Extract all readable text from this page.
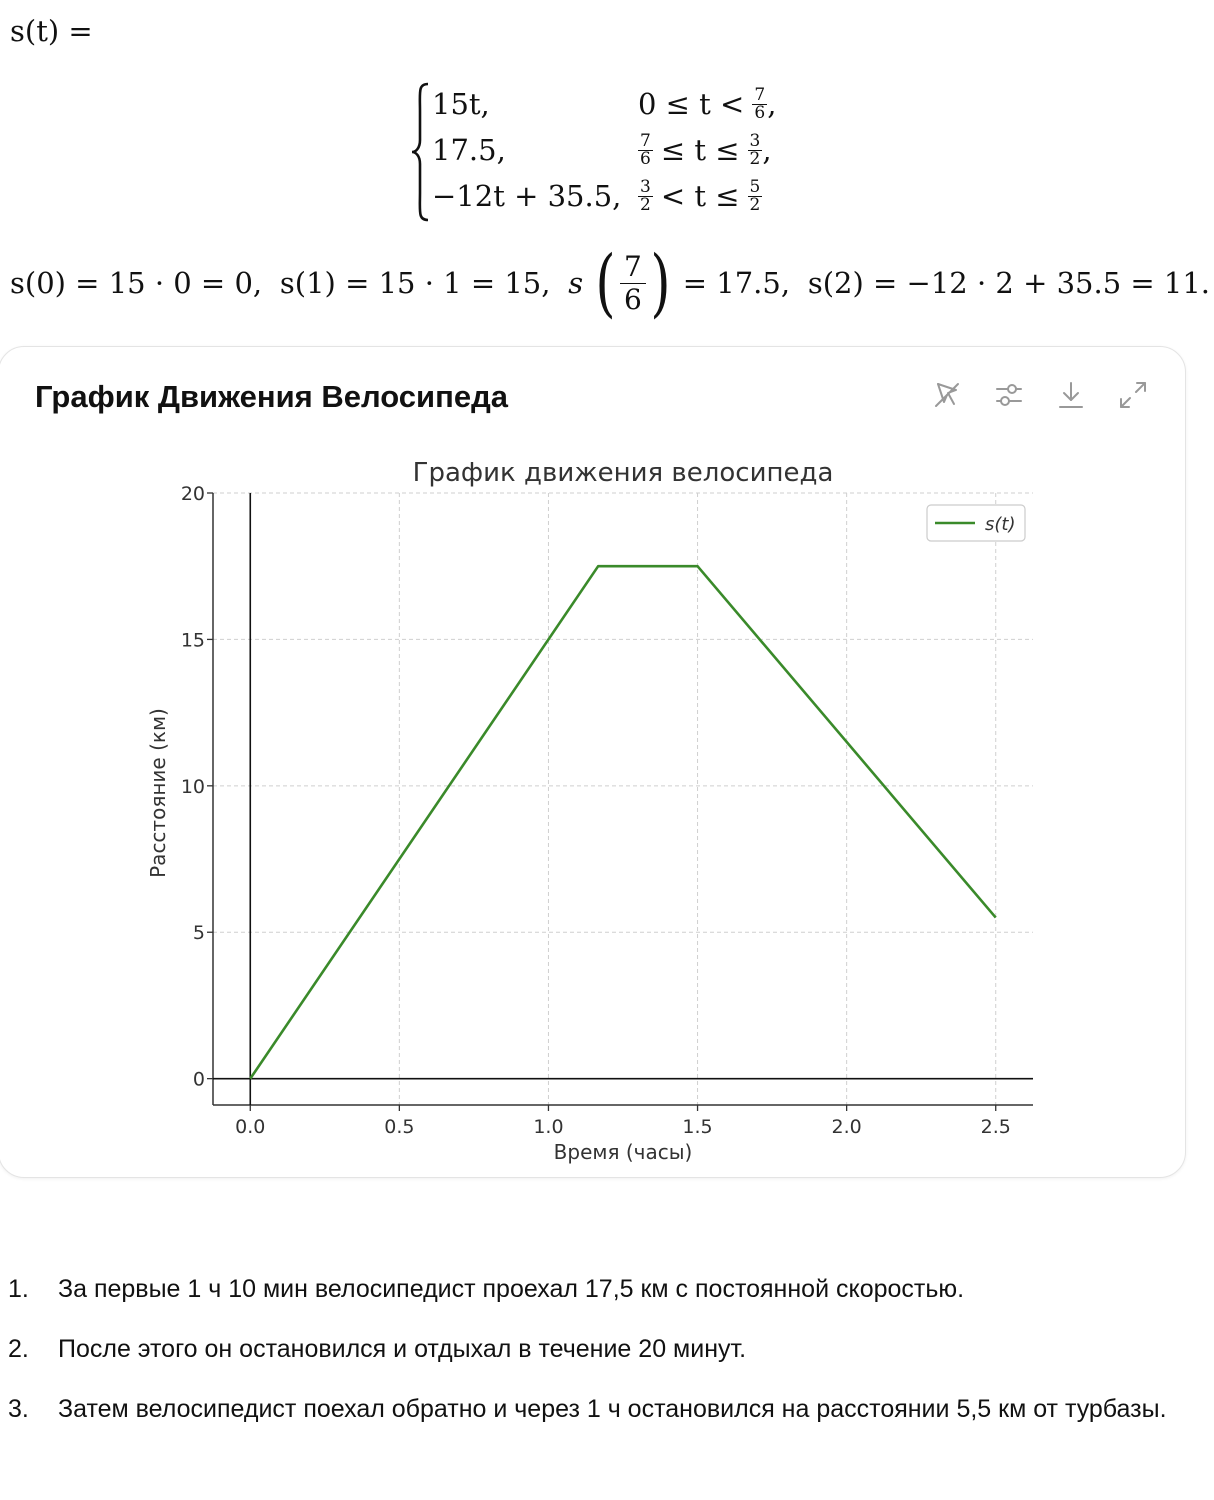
s(t) =
15t,	$0 \le t < \frac{7}{6}$ ,
17.5,	$\frac{7}{6} \le t \le \frac{3}{2}$ ,
−12t + 35.5, $\frac{3}{2} < t \le \frac{5}{2}$
s(0) = 15 · 0 = 0, s(1) = 15 · 1 = 15, s ( 7
6 ) = 17.5, s(2) = −12 · 2 + 35.5 = 11.
График Движения Велосипеда
График движения велосипеда
Расстояние (км)
Время (часы)
0.0	0.5	1.0	1.5	2.0	2.5
0
5
10
15
20
s(t)
1. За первые 1 ч 10 мин велосипедист проехал 17,5 км с постоянной скоростью.
2. После этого он остановился и отдыхал в течение 20 минут.
3. Затем велосипедист поехал обратно и через 1 ч остановился на расстоянии 5,5 км от турбазы.
